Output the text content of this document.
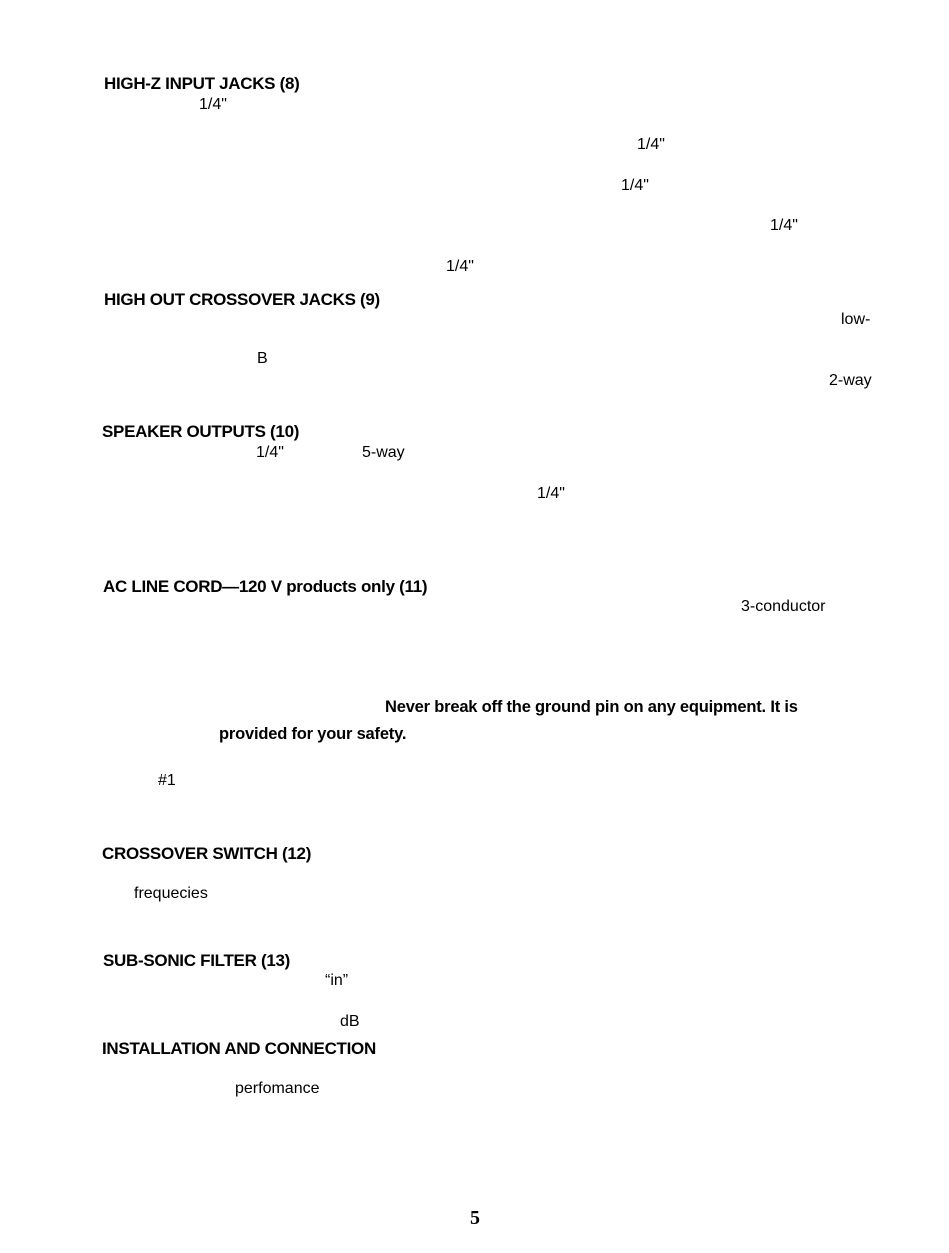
HIGH-Z INPUT JACKS (8)
1/4"
1/4"
1/4"
1/4"
1/4"
HIGH OUT CROSSOVER JACKS (9)
low-
B
2-way
SPEAKER OUTPUTS (10)
1/4"	5-way
1/4"
AC LINE CORD—120 V products only (11)
3-conductor
Never break off the ground pin on any equipment. It is
provided for your safety.
#1
CROSSOVER SWITCH (12)
frequecies
SUB-SONIC FILTER (13)
“in”
dB
INSTALLATION AND CONNECTION
perfomance
5
